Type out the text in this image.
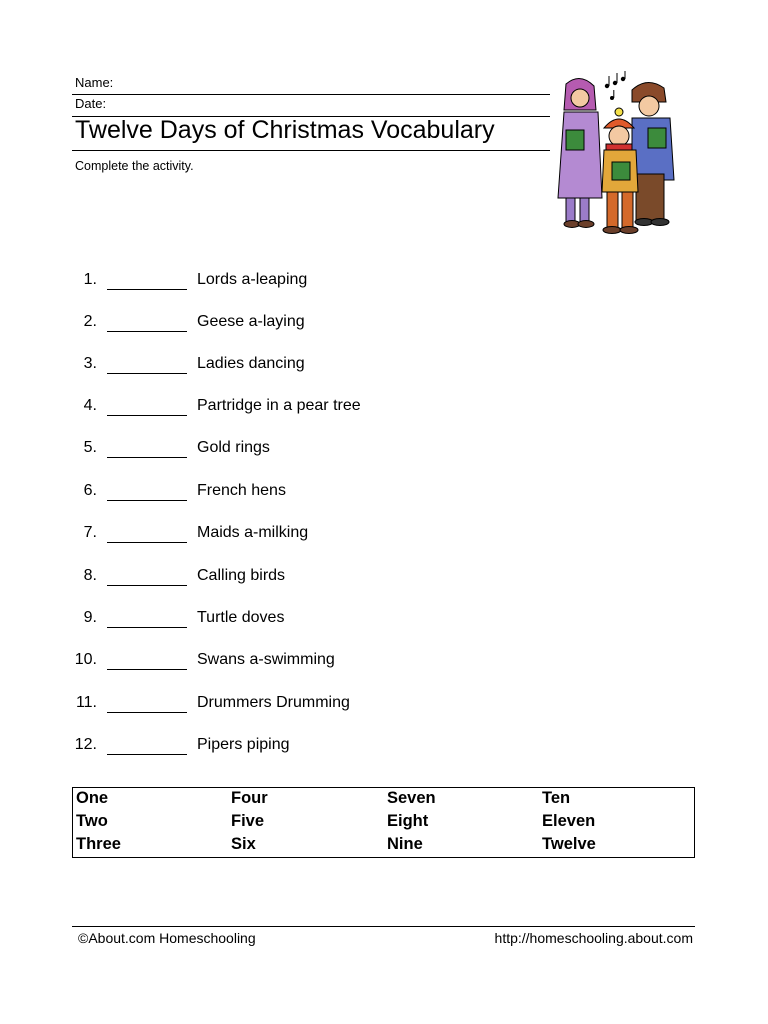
Name:
Date:
Twelve Days of Christmas Vocabulary
Complete the activity.
1.	Lords a-leaping
2.	Geese a-laying
3.	Ladies dancing
4.	Partridge in a pear tree
5.	Gold rings
6.	French hens
7.	Maids a-milking
8.	Calling birds
9.	Turtle doves
10.	Swans a-swimming
11.	Drummers Drumming
12.	Pipers piping
One	Four	Seven	Ten
Two	Five	Eight	Eleven
Three	Six	Nine	Twelve
©About.com Homeschooling	http://homeschooling.about.com
